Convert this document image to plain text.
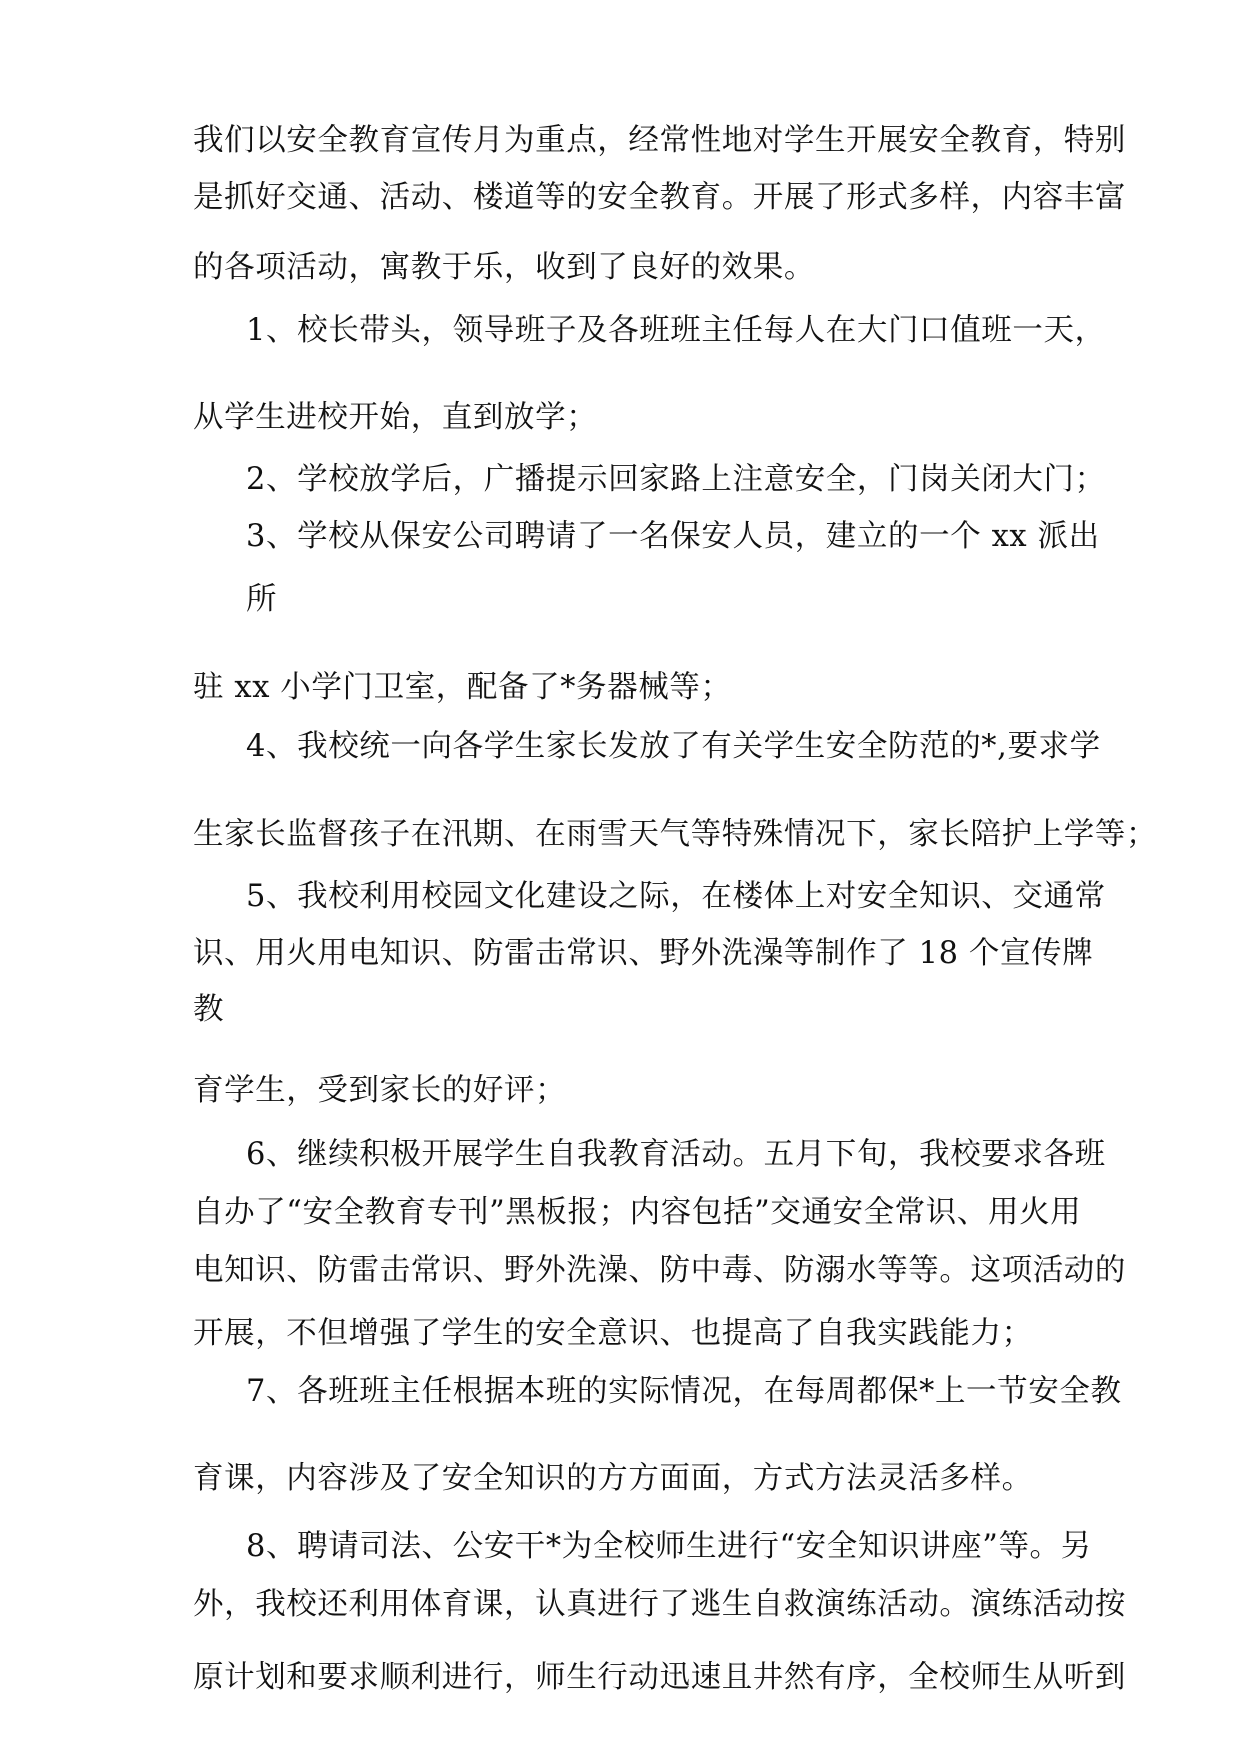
我们以安全教育宣传月为重点，经常性地对学生开展安全教育，特别
是抓好交通、活动、楼道等的安全教育。开展了形式多样，内容丰富
的各项活动，寓教于乐，收到了良好的效果。
1、校长带头，领导班子及各班班主任每人在大门口值班一天，
从学生进校开始，直到放学；
2、学校放学后，广播提示回家路上注意安全，门岗关闭大门；
3、学校从保安公司聘请了一名保安人员，建立的一个 xx 派出
所
驻 xx 小学门卫室，配备了*务器械等；
4、我校统一向各学生家长发放了有关学生安全防范的*,要求学
生家长监督孩子在汛期、在雨雪天气等特殊情况下，家长陪护上学等；
5、我校利用校园文化建设之际，在楼体上对安全知识、交通常
识、用火用电知识、防雷击常识、野外洗澡等制作了 18 个宣传牌
教
育学生，受到家长的好评；
6、继续积极开展学生自我教育活动。五月下旬，我校要求各班
自办了“安全教育专刊”黑板报；内容包括”交通安全常识、用火用
电知识、防雷击常识、野外洗澡、防中毒、防溺水等等。这项活动的
开展，不但增强了学生的安全意识、也提高了自我实践能力；
7、各班班主任根据本班的实际情况，在每周都保*上一节安全教
育课，内容涉及了安全知识的方方面面，方式方法灵活多样。
8、聘请司法、公安干*为全校师生进行“安全知识讲座”等。另
外，我校还利用体育课，认真进行了逃生自救演练活动。演练活动按
原计划和要求顺利进行，师生行动迅速且井然有序，全校师生从听到
